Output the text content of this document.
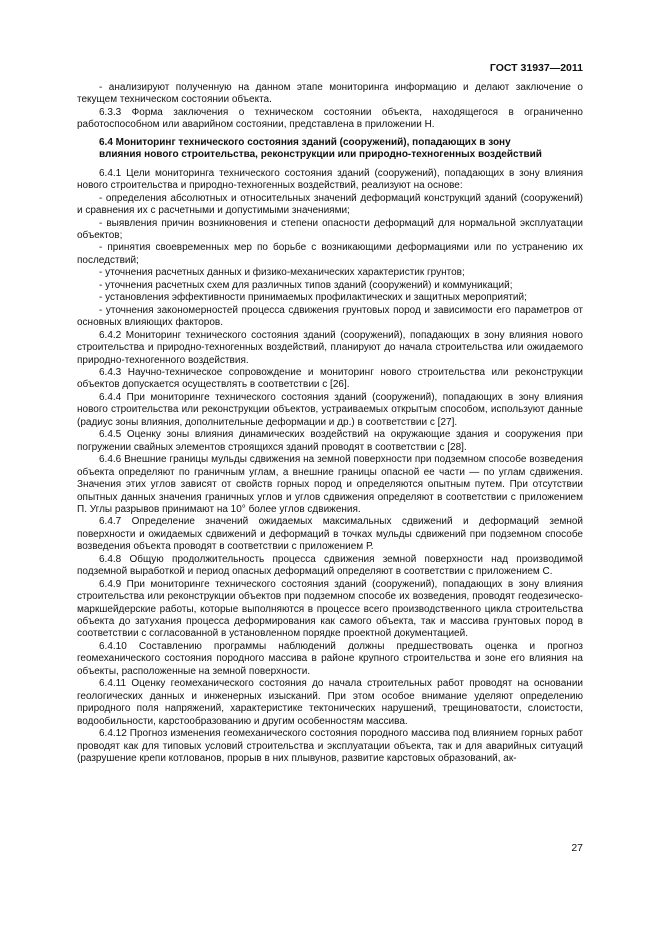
ГОСТ 31937—2011

- анализируют полученную на данном этапе мониторинга информацию и делают заключение о текущем техническом состоянии объекта.

6.3.3 Форма заключения о техническом состоянии объекта, находящегося в ограниченно работоспособном или аварийном состоянии, представлена в приложении Н.

6.4 Мониторинг технического состояния зданий (сооружений), попадающих в зону
влияния нового строительства, реконструкции или природно-техногенных воздействий

6.4.1 Цели мониторинга технического состояния зданий (сооружений), попадающих в зону влияния нового строительства и природно-техногенных воздействий, реализуют на основе:

- определения абсолютных и относительных значений деформаций конструкций зданий (сооружений) и сравнения их с расчетными и допустимыми значениями;

- выявления причин возникновения и степени опасности деформаций для нормальной эксплуатации объектов;

- принятия своевременных мер по борьбе с возникающими деформациями или по устранению их последствий;

- уточнения расчетных данных и физико-механических характеристик грунтов;

- уточнения расчетных схем для различных типов зданий (сооружений) и коммуникаций;

- установления эффективности принимаемых профилактических и защитных мероприятий;

- уточнения закономерностей процесса сдвижения грунтовых пород и зависимости его параметров от основных влияющих факторов.

6.4.2 Мониторинг технического состояния зданий (сооружений), попадающих в зону влияния нового строительства и природно-техногенных воздействий, планируют до начала строительства или ожидаемого природно-техногенного воздействия.

6.4.3 Научно-техническое сопровождение и мониторинг нового строительства или реконструкции объектов допускается осуществлять в соответствии с [26].

6.4.4 При мониторинге технического состояния зданий (сооружений), попадающих в зону влияния нового строительства или реконструкции объектов, устраиваемых открытым способом, используют данные (радиус зоны влияния, дополнительные деформации и др.) в соответствии с [27].

6.4.5 Оценку зоны влияния динамических воздействий на окружающие здания и сооружения при погружении свайных элементов строящихся зданий проводят в соответствии с [28].

6.4.6 Внешние границы мульды сдвижения на земной поверхности при подземном способе возведения объекта определяют по граничным углам, а внешние границы опасной ее части — по углам сдвижения. Значения этих углов зависят от свойств горных пород и определяются опытным путем. При отсутствии опытных данных значения граничных углов и углов сдвижения определяют в соответствии с приложением П. Углы разрывов принимают на 10° более углов сдвижения.

6.4.7 Определение значений ожидаемых максимальных сдвижений и деформаций земной поверхности и ожидаемых сдвижений и деформаций в точках мульды сдвижений при подземном способе возведения объекта проводят в соответствии с приложением Р.

6.4.8 Общую продолжительность процесса сдвижения земной поверхности над производимой подземной выработкой и период опасных деформаций определяют в соответствии с приложением С.

6.4.9 При мониторинге технического состояния зданий (сооружений), попадающих в зону влияния строительства или реконструкции объектов при подземном способе их возведения, проводят геодезическо-маркшейдерские работы, которые выполняются в процессе всего производственного цикла строительства объекта до затухания процесса деформирования как самого объекта, так и массива грунтовых пород в соответствии с согласованной в установленном порядке проектной документацией.

6.4.10 Составлению программы наблюдений должны предшествовать оценка и прогноз геомеханического состояния породного массива в районе крупного строительства и зоне его влияния на объекты, расположенные на земной поверхности.

6.4.11 Оценку геомеханического состояния до начала строительных работ проводят на основании геологических данных и инженерных изысканий. При этом особое внимание уделяют определению природного поля напряжений, характеристике тектонических нарушений, трещиноватости, слоистости, водообильности, карстообразованию и другим особенностям массива.

6.4.12 Прогноз изменения геомеханического состояния породного массива под влиянием горных работ проводят как для типовых условий строительства и эксплуатации объекта, так и для аварийных ситуаций (разрушение крепи котлованов, прорыв в них плывунов, развитие карстовых образований, ак-

27
